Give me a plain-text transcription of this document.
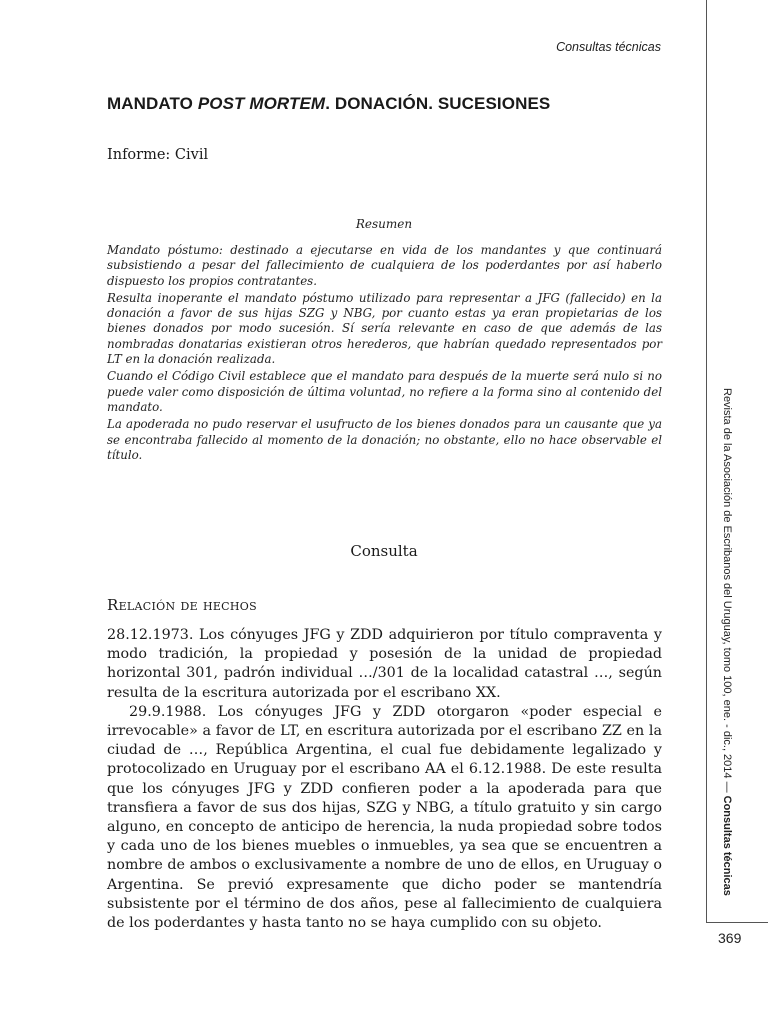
Consultas técnicas
MANDATO POST MORTEM. DONACIÓN. SUCESIONES
Informe: Civil
Resumen

Mandato póstumo: destinado a ejecutarse en vida de los mandantes y que continuará subsistiendo a pesar del fallecimiento de cualquiera de los poderdantes por así haberlo dispuesto los propios contratantes.

Resulta inoperante el mandato póstumo utilizado para representar a JFG (fallecido) en la donación a favor de sus hijas SZG y NBG, por cuanto estas ya eran propietarias de los bienes donados por modo sucesión. Sí sería relevante en caso de que además de las nombradas donatarias existieran otros herederos, que habrían quedado representados por LT en la donación realizada.

Cuando el Código Civil establece que el mandato para después de la muerte será nulo si no puede valer como disposición de última voluntad, no refiere a la forma sino al contenido del mandato.

La apoderada no pudo reservar el usufructo de los bienes donados para un causante que ya se encontraba fallecido al momento de la donación; no obstante, ello no hace observable el título.

Consulta
Relación de hechos

28.12.1973. Los cónyuges JFG y ZDD adquirieron por título compraventa y modo tradición, la propiedad y posesión de la unidad de propiedad horizontal 301, padrón individual …/301 de la localidad catastral …, según resulta de la escritura autorizada por el escribano XX.

29.9.1988. Los cónyuges JFG y ZDD otorgaron «poder especial e irrevocable» a favor de LT, en escritura autorizada por el escribano ZZ en la ciudad de …, República Argentina, el cual fue debidamente legalizado y protocolizado en Uruguay por el escribano AA el 6.12.1988. De este resulta que los cónyuges JFG y ZDD confieren poder a la apoderada para que transfiera a favor de sus dos hijas, SZG y NBG, a título gratuito y sin cargo alguno, en concepto de anticipo de herencia, la nuda propiedad sobre todos y cada uno de los bienes muebles o inmuebles, ya sea que se encuentren a nombre de ambos o exclusivamente a nombre de uno de ellos, en Uruguay o Argentina. Se previó expresamente que dicho poder se mantendría subsistente por el término de dos años, pese al fallecimiento de cualquiera de los poderdantes y hasta tanto no se haya cumplido con su objeto.

Revista de la Asociación de Escribanos del Uruguay, tomo 100, ene. - dic., 2014 — Consultas técnicas
369
